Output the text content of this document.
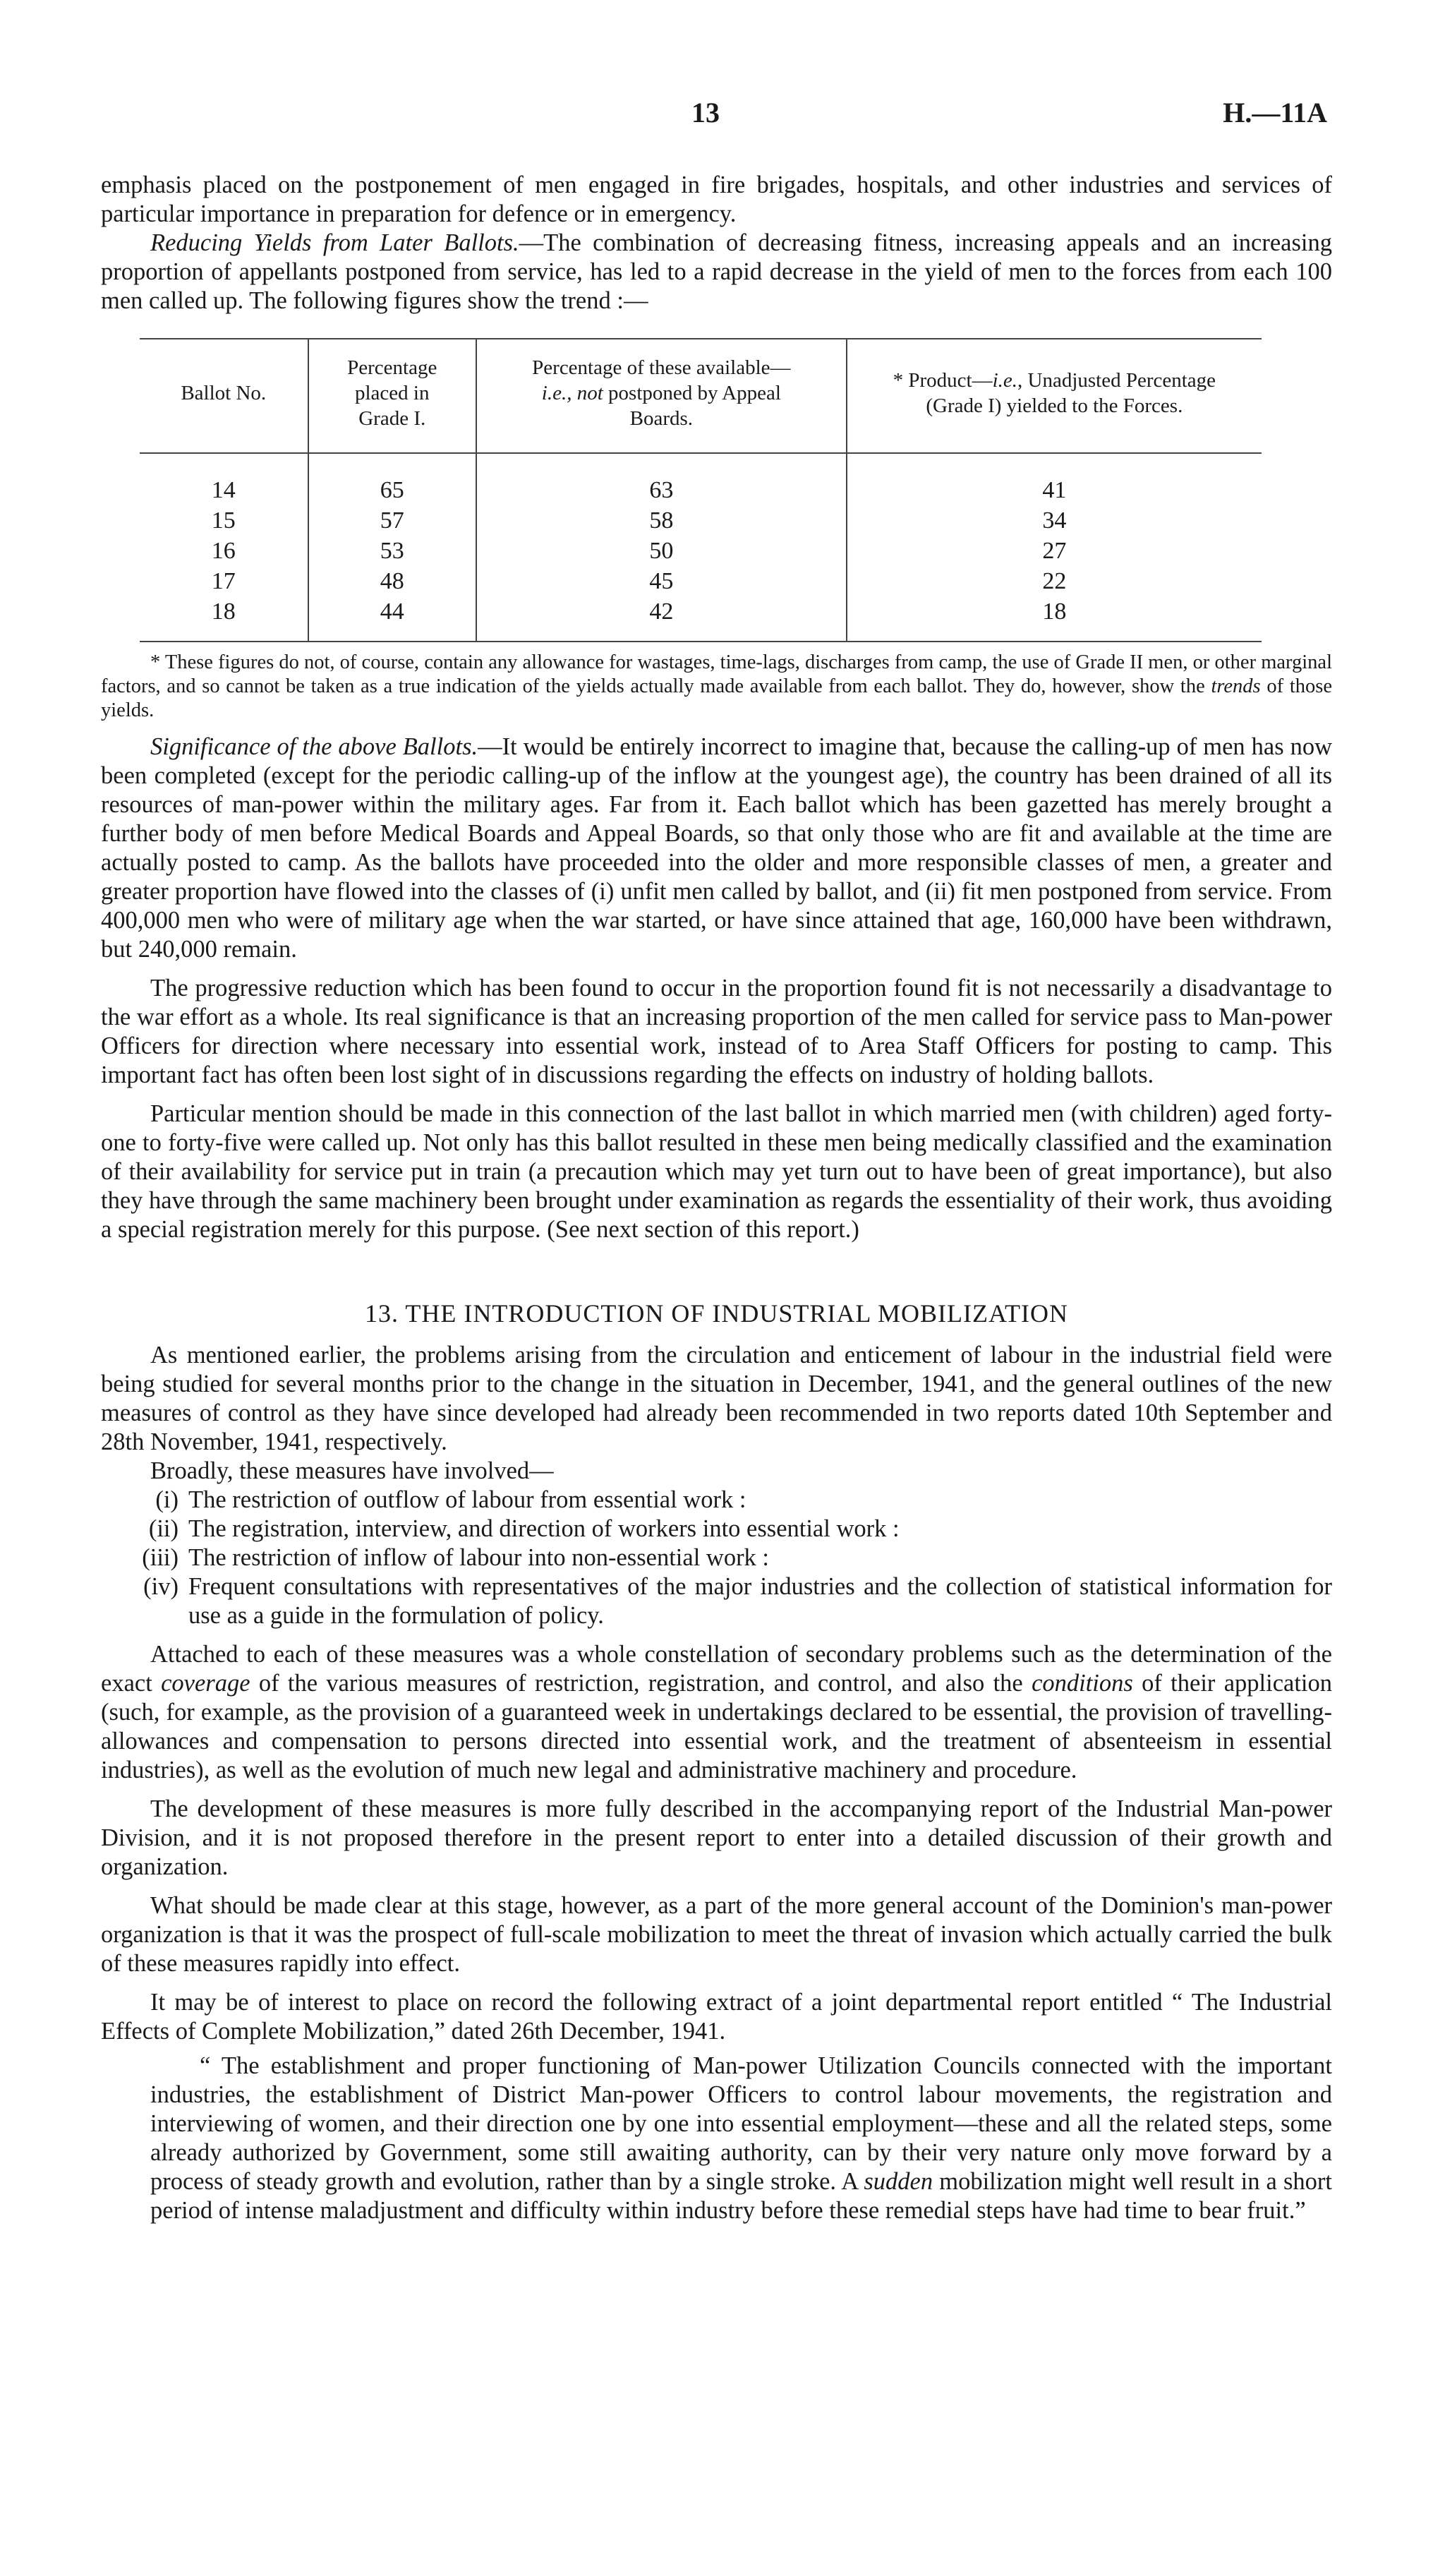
13	H.—11A

emphasis placed on the postponement of men engaged in fire brigades, hospitals, and other industries and services of particular importance in preparation for defence or in emergency.

Reducing Yields from Later Ballots.—The combination of decreasing fitness, increasing appeals and an increasing proportion of appellants postponed from service, has led to a rapid decrease in the yield of men to the forces from each 100 men called up. The following figures show the trend :—

Ballot No.	Percentage placed in Grade I.	Percentage of these available—i.e., not postponed by Appeal Boards.	* Product—i.e., Unadjusted Percentage (Grade I) yielded to the Forces.

14	65	63	41
15	57	58	34
16	53	50	27
17	48	45	22
18	44	42	18

* These figures do not, of course, contain any allowance for wastages, time-lags, discharges from camp, the use of Grade II men, or other marginal factors, and so cannot be taken as a true indication of the yields actually made available from each ballot. They do, however, show the trends of those yields.

Significance of the above Ballots.—It would be entirely incorrect to imagine that, because the calling-up of men has now been completed (except for the periodic calling-up of the inflow at the youngest age), the country has been drained of all its resources of man-power within the military ages. Far from it. Each ballot which has been gazetted has merely brought a further body of men before Medical Boards and Appeal Boards, so that only those who are fit and available at the time are actually posted to camp. As the ballots have proceeded into the older and more responsible classes of men, a greater and greater proportion have flowed into the classes of (i) unfit men called by ballot, and (ii) fit men postponed from service. From 400,000 men who were of military age when the war started, or have since attained that age, 160,000 have been withdrawn, but 240,000 remain.

The progressive reduction which has been found to occur in the proportion found fit is not necessarily a disadvantage to the war effort as a whole. Its real significance is that an increasing proportion of the men called for service pass to Man-power Officers for direction where necessary into essential work, instead of to Area Staff Officers for posting to camp. This important fact has often been lost sight of in discussions regarding the effects on industry of holding ballots.

Particular mention should be made in this connection of the last ballot in which married men (with children) aged forty-one to forty-five were called up. Not only has this ballot resulted in these men being medically classified and the examination of their availability for service put in train (a precaution which may yet turn out to have been of great importance), but also they have through the same machinery been brought under examination as regards the essentiality of their work, thus avoiding a special registration merely for this purpose. (See next section of this report.)

13. THE INTRODUCTION OF INDUSTRIAL MOBILIZATION

As mentioned earlier, the problems arising from the circulation and enticement of labour in the industrial field were being studied for several months prior to the change in the situation in December, 1941, and the general outlines of the new measures of control as they have since developed had already been recommended in two reports dated 10th September and 28th November, 1941, respectively.

Broadly, these measures have involved—

(i) The restriction of outflow of labour from essential work :
(ii) The registration, interview, and direction of workers into essential work :
(iii) The restriction of inflow of labour into non-essential work :
(iv) Frequent consultations with representatives of the major industries and the collection of statistical information for use as a guide in the formulation of policy.

Attached to each of these measures was a whole constellation of secondary problems such as the determination of the exact coverage of the various measures of restriction, registration, and control, and also the conditions of their application (such, for example, as the provision of a guaranteed week in undertakings declared to be essential, the provision of travelling-allowances and compensation to persons directed into essential work, and the treatment of absenteeism in essential industries), as well as the evolution of much new legal and administrative machinery and procedure.

The development of these measures is more fully described in the accompanying report of the Industrial Man-power Division, and it is not proposed therefore in the present report to enter into a detailed discussion of their growth and organization.

What should be made clear at this stage, however, as a part of the more general account of the Dominion's man-power organization is that it was the prospect of full-scale mobilization to meet the threat of invasion which actually carried the bulk of these measures rapidly into effect.

It may be of interest to place on record the following extract of a joint departmental report entitled “ The Industrial Effects of Complete Mobilization,” dated 26th December, 1941.

“ The establishment and proper functioning of Man-power Utilization Councils connected with the important industries, the establishment of District Man-power Officers to control labour movements, the registration and interviewing of women, and their direction one by one into essential employment—these and all the related steps, some already authorized by Government, some still awaiting authority, can by their very nature only move forward by a process of steady growth and evolution, rather than by a single stroke. A sudden mobilization might well result in a short period of intense maladjustment and difficulty within industry before these remedial steps have had time to bear fruit.”
